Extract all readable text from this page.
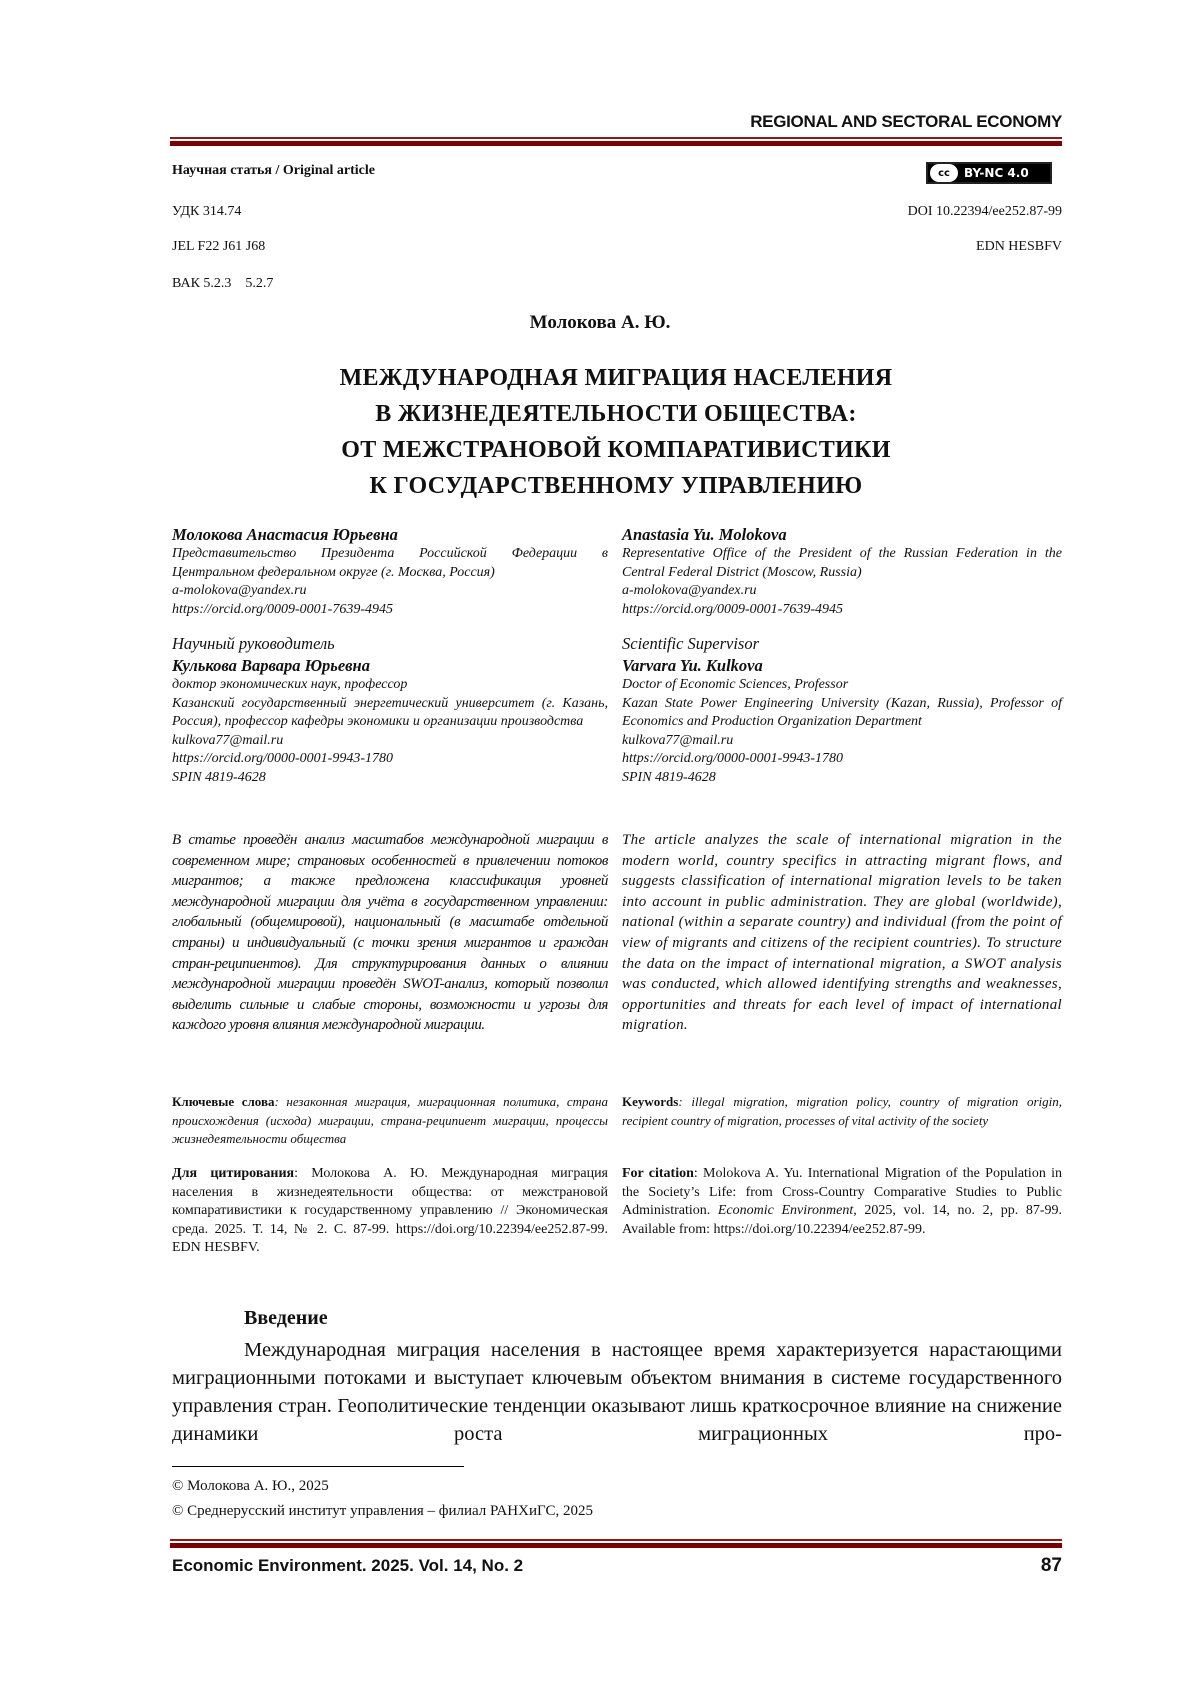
REGIONAL AND SECTORAL ECONOMY
Научная статья / Original article	cc	BY-NC 4.0
УДК 314.74
JEL F22 J61 J68
ВАК 5.2.3    5.2.7
DOI 10.22394/ee252.87-99
EDN HESBFV
Молокова А. Ю.
МЕЖДУНАРОДНАЯ МИГРАЦИЯ НАСЕЛЕНИЯ
В ЖИЗНЕДЕЯТЕЛЬНОСТИ ОБЩЕСТВА:
ОТ МЕЖСТРАНОВОЙ КОМПАРАТИВИСТИКИ
К ГОСУДАРСТВЕННОМУ УПРАВЛЕНИЮ
Молокова Анастасия Юрьевна
Представительство Президента Российской Федерации в Центральном федеральном округе (г. Москва, Россия)
a-molokova@yandex.ru
https://orcid.org/0009-0001-7639-4945
Научный руководитель
Кулькова Варвара Юрьевна
доктор экономических наук, профессор
Казанский государственный энергетический университет (г. Казань, Россия), профессор кафедры экономики и организации производства
kulkova77@mail.ru
https://orcid.org/0000-0001-9943-1780
SPIN 4819-4628
Anastasia Yu. Molokova
Representative Office of the President of the Russian Federation in the Central Federal District (Moscow, Russia)
a-molokova@yandex.ru
https://orcid.org/0009-0001-7639-4945
Scientific Supervisor
Varvara Yu. Kulkova
Doctor of Economic Sciences, Professor
Kazan State Power Engineering University (Kazan, Russia), Professor of Economics and Production Organization Department
kulkova77@mail.ru
https://orcid.org/0000-0001-9943-1780
SPIN 4819-4628
В статье проведён анализ масштабов международной миграции в современном мире; страновых особенностей в привлечении потоков мигрантов; а также предложена классификация уровней международной миграции для учёта в государственном управлении: глобальный (общемировой), национальный (в масштабе отдельной страны) и индивидуальный (с точки зрения мигрантов и граждан стран-реципиентов). Для структурирования данных о влиянии международной миграции проведён SWOT-анализ, который позволил выделить сильные и слабые стороны, возможности и угрозы для каждого уровня влияния международной миграции.
The article analyzes the scale of international migration in the modern world, country specifics in attracting migrant flows, and suggests classification of international migration levels to be taken into account in public administration. They are global (worldwide), national (within a separate country) and individual (from the point of view of migrants and citizens of the recipient countries). To structure the data on the impact of international migration, a SWOT analysis was conducted, which allowed identifying strengths and weaknesses, opportunities and threats for each level of impact of international migration.
Ключевые слова: незаконная миграция, миграционная политика, страна происхождения (исхода) миграции, страна-реципиент миграции, процессы жизнедеятельности общества
Keywords: illegal migration, migration policy, country of migration origin, recipient country of migration, processes of vital activity of the society
Для цитирования: Молокова А. Ю. Международная миграция населения в жизнедеятельности общества: от межстрановой компаративистики к государственному управлению // Экономическая среда. 2025. Т. 14, № 2. С. 87-99. https://doi.org/10.22394/ee252.87-99. EDN HESBFV.
For citation: Molokova A. Yu. International Migration of the Population in the Society’s Life: from Cross-Country Comparative Studies to Public Administration. Economic Environment, 2025, vol. 14, no. 2, pp. 87-99. Available from: https://doi.org/10.22394/ee252.87-99.
Введение

Международная миграция населения в настоящее время характеризуется нарастающими миграционными потоками и выступает ключевым объектом внимания в системе государственного управления стран. Геополитические тенденции оказывают лишь краткосрочное влияние на снижение динамики роста миграционных про-

© Молокова А. Ю., 2025
© Среднерусский институт управления – филиал РАНХиГС, 2025
Economic Environment. 2025. Vol. 14, No. 2	87
